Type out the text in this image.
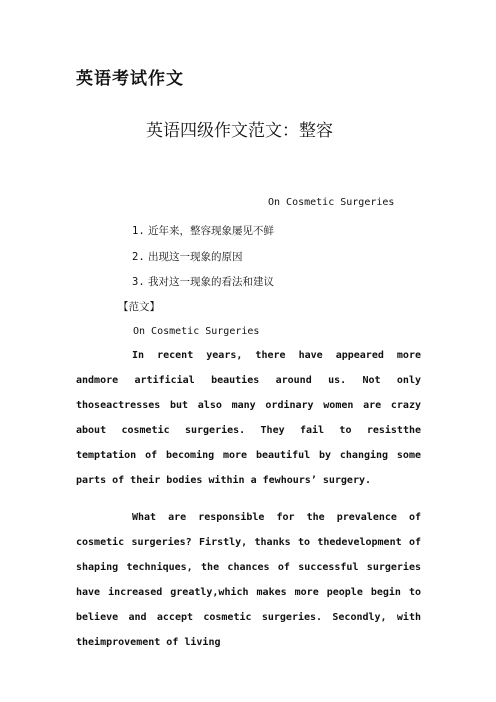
英语考试作文
英语四级作文范文：整容
On Cosmetic Surgeries
1. 近年来，整容现象屡见不鲜
2. 出现这一现象的原因
3. 我对这一现象的看法和建议
【范文】
On Cosmetic Surgeries

In recent years, there have appeared more andmore artificial beauties around us. Not only thoseactresses but also many ordinary women are crazy about cosmetic surgeries. They fail to resistthe temptation of becoming more beautiful by changing some parts of their bodies within a fewhours’ surgery.

What are responsible for the prevalence of cosmetic surgeries? Firstly, thanks to thedevelopment of shaping techniques, the chances of successful surgeries have increased greatly,which makes more people begin to believe and accept cosmetic surgeries. Secondly, with theimprovement of living
